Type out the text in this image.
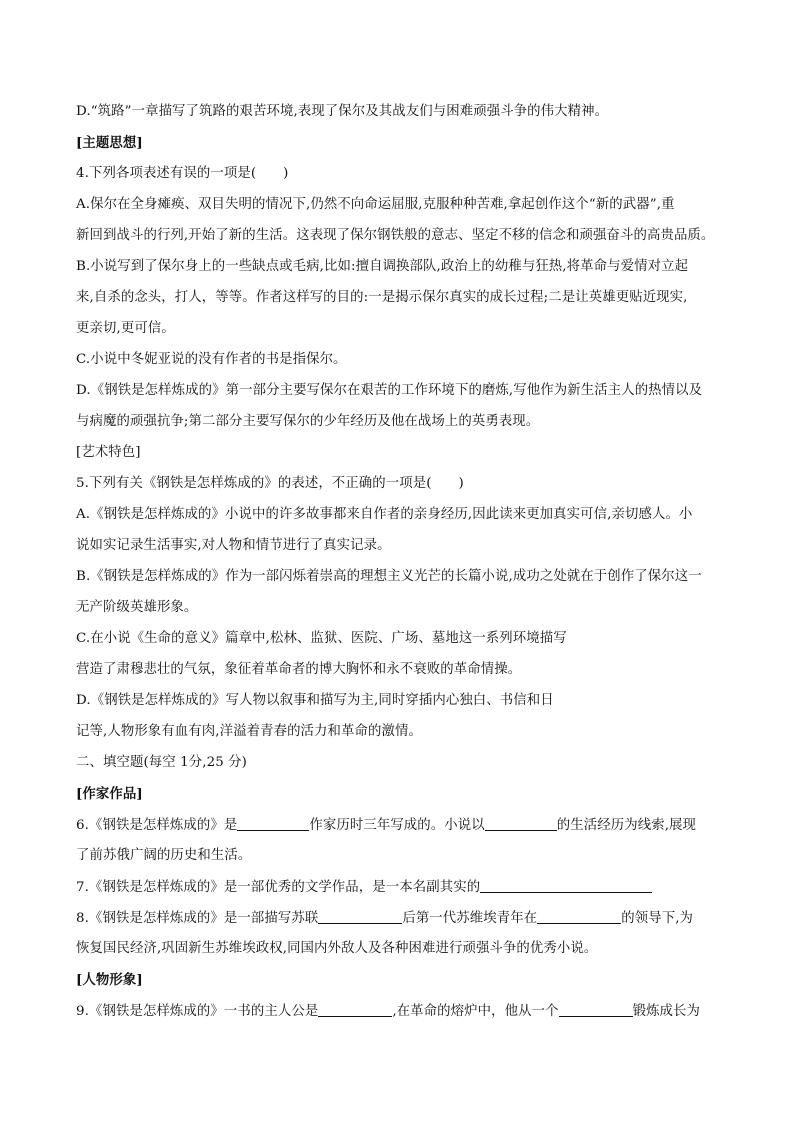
D.“筑路”一章描写了筑路的艰苦环境,表现了保尔及其战友们与困难顽强斗争的伟大精神。
[主题思想]
4.下列各项表述有误的一项是(　　)
A.保尔在全身瘫痪、双目失明的情况下,仍然不向命运屈服,克服种种苦难,拿起创作这个“新的武器”,重
新回到战斗的行列,开始了新的生活。这表现了保尔钢铁般的意志、坚定不移的信念和顽强奋斗的高贵品质。
B.小说写到了保尔身上的一些缺点或毛病,比如:擅自调换部队,政治上的幼稚与狂热,将革命与爱情对立起
来,自杀的念头，打人，等等。作者这样写的目的:一是揭示保尔真实的成长过程;二是让英雄更贴近现实,
更亲切,更可信。
C.小说中冬妮亚说的没有作者的书是指保尔。
D.《钢铁是怎样炼成的》第一部分主要写保尔在艰苦的工作环境下的磨炼,写他作为新生活主人的热情以及
与病魔的顽强抗争;第二部分主要写保尔的少年经历及他在战场上的英勇表现。
[艺术特色]
5.下列有关《钢铁是怎样炼成的》的表述，不正确的一项是(　　)
A.《钢铁是怎样炼成的》小说中的许多故事都来自作者的亲身经历,因此读来更加真实可信,亲切感人。小
说如实记录生活事实,对人物和情节进行了真实记录。
B.《钢铁是怎样炼成的》作为一部闪烁着崇高的理想主义光芒的长篇小说,成功之处就在于创作了保尔这一
无产阶级英雄形象。
C.在小说《生命的意义》篇章中,松林、监狱、医院、广场、墓地这一系列环境描写
营造了肃穆悲壮的气氛，象征着革命者的博大胸怀和永不衰败的革命情操。
D.《钢铁是怎样炼成的》写人物以叙事和描写为主,同时穿插内心独白、书信和日
记等,人物形象有血有肉,洋溢着青春的活力和革命的激情。
二、填空题(每空 1分,25 分)
[作家作品]
6.《钢铁是怎样炼成的》是	作家历时三年写成的。小说以	的生活经历为线索,展现
了前苏俄广阔的历史和生活。
7.《钢铁是怎样炼成的》是一部优秀的文学作品，是一本名副其实的
8.《钢铁是怎样炼成的》是一部描写苏联	后第一代苏维埃青年在	的领导下,为
恢复国民经济,巩固新生苏维埃政权,同国内外敌人及各种困难进行顽强斗争的优秀小说。
[人物形象]
9.《钢铁是怎样炼成的》一书的主人公是	,在革命的熔炉中，他从一个	锻炼成长为
